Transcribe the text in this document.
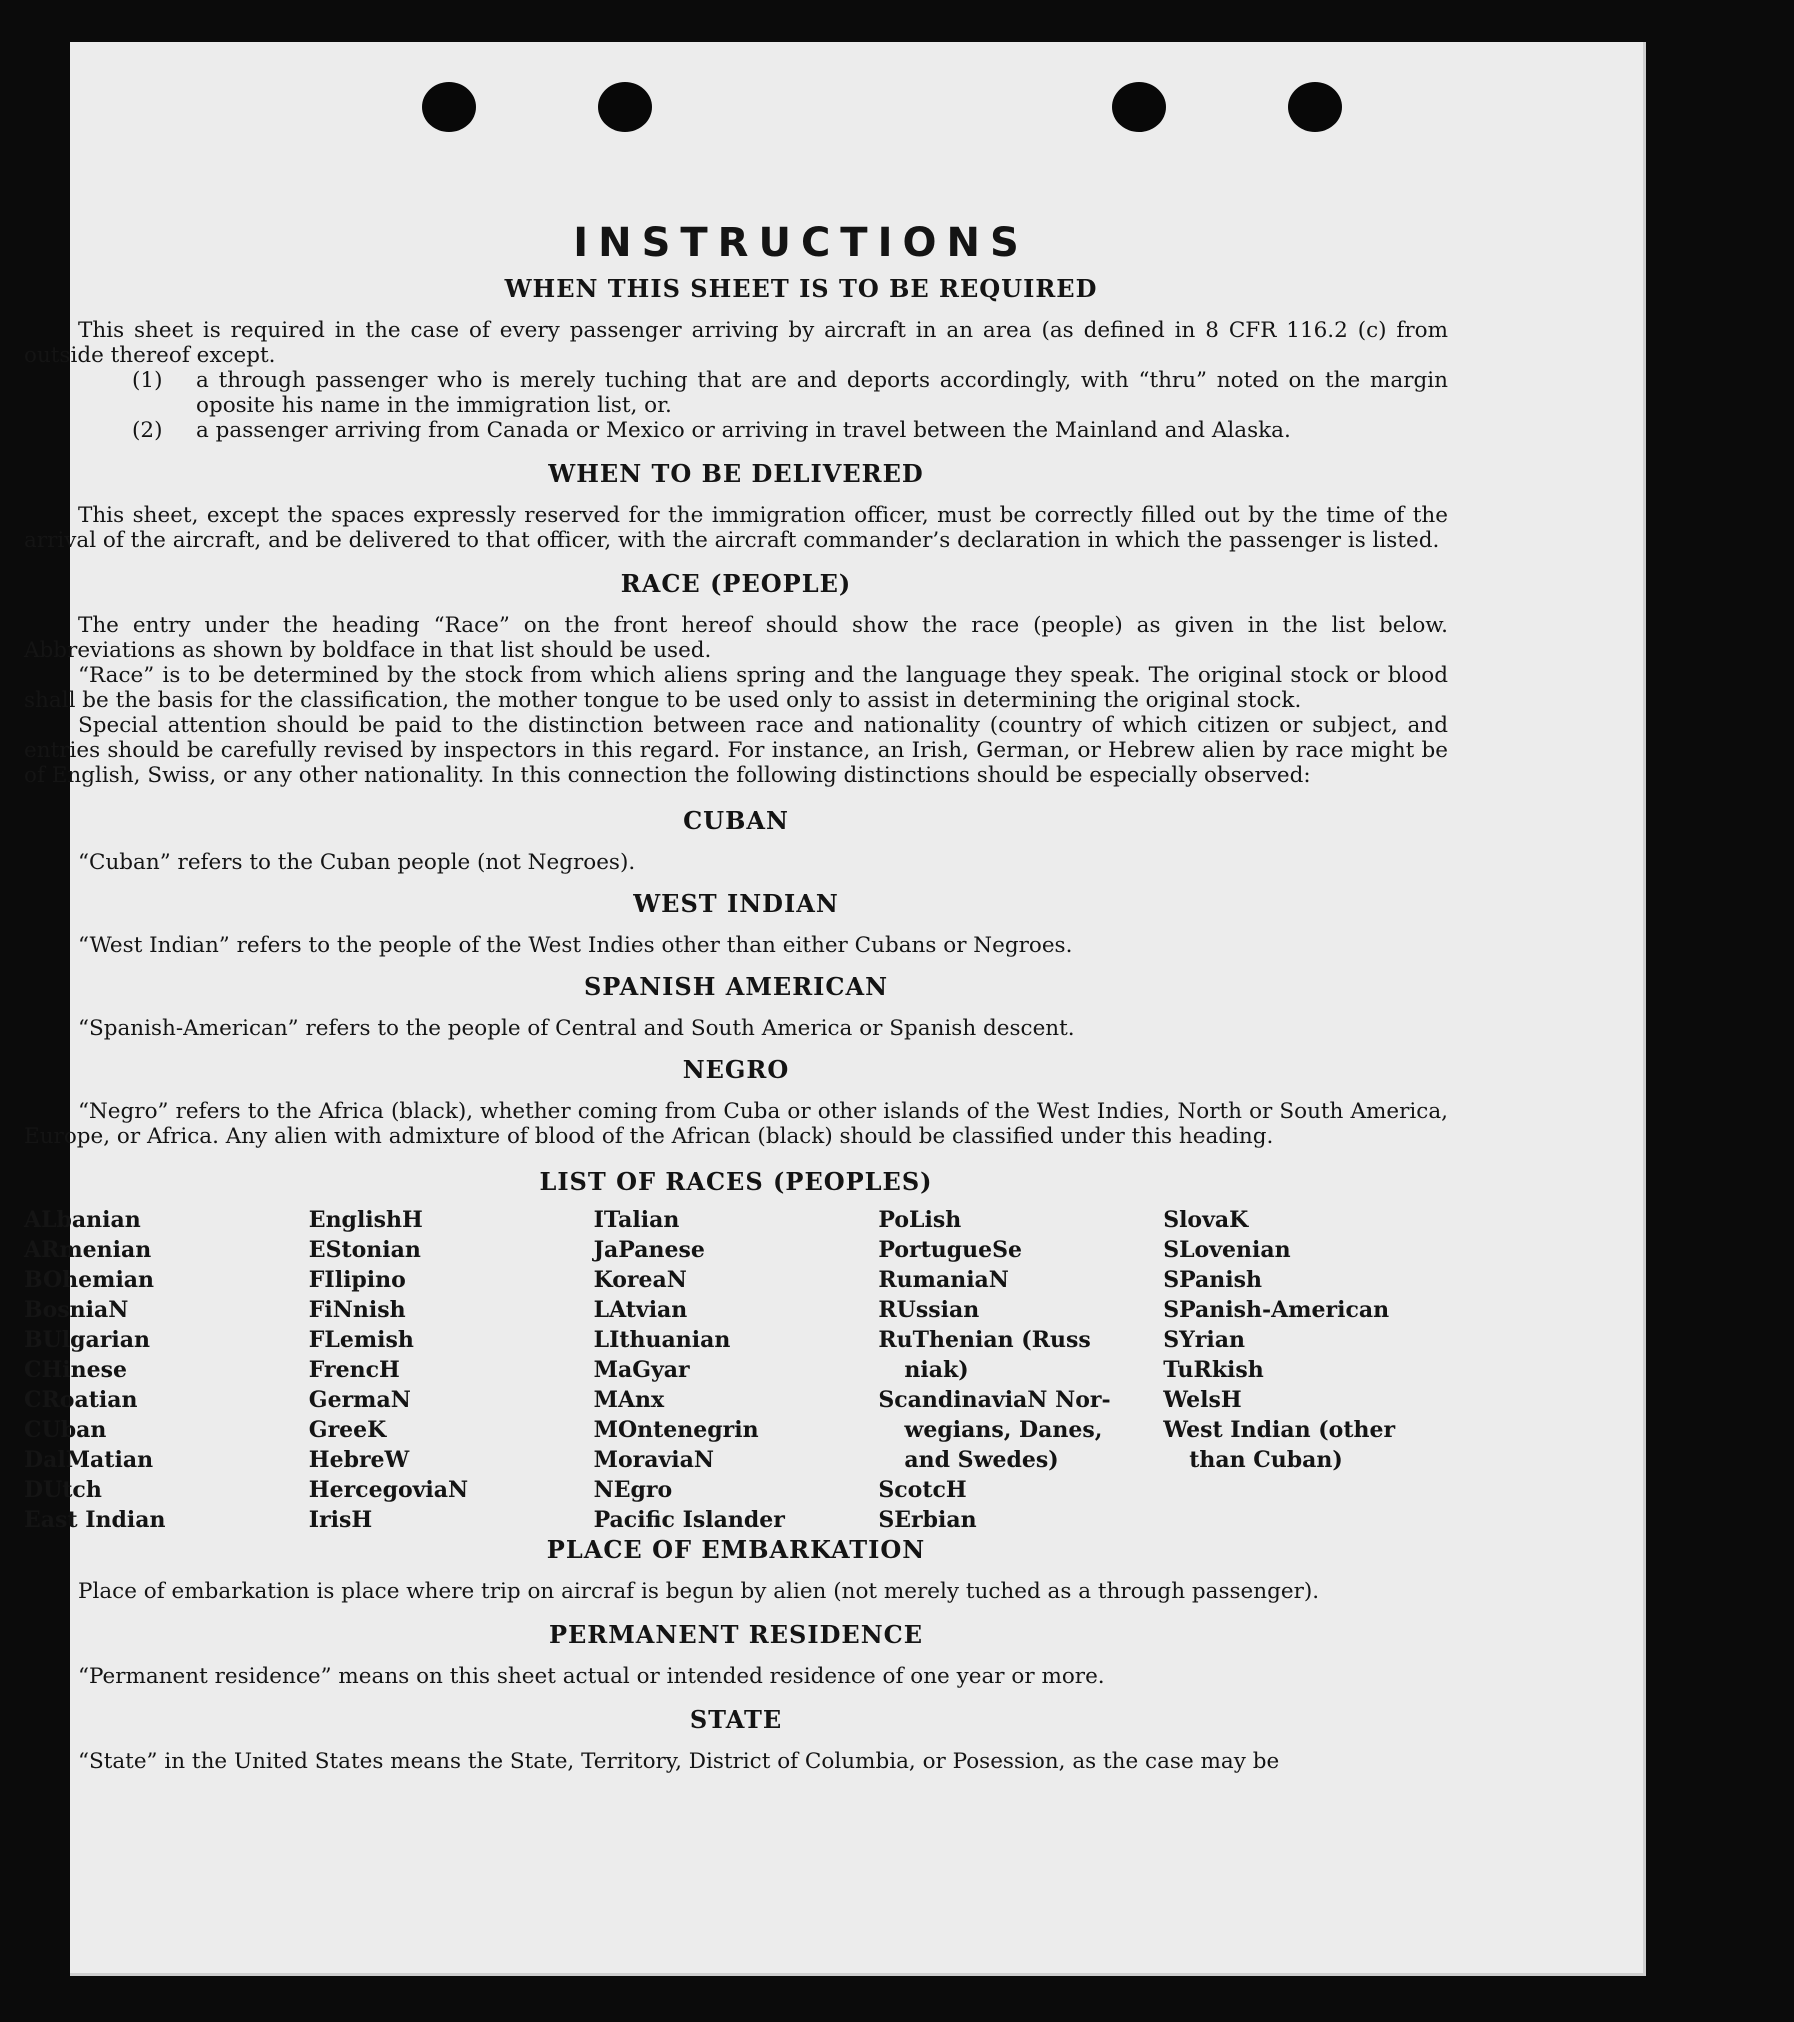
INSTRUCTIONS
WHEN THIS SHEET IS TO BE REQUIRED

This sheet is required in the case of every passenger arriving by aircraft in an area (as defined in 8 CFR 116.2 (c) from outside thereof except.

(1)	a through passenger who is merely tuching that are and deports accordingly, with “thru” noted on the margin oposite his name in the immigration list, or.
(2)	a passenger arriving from Canada or Mexico or arriving in travel between the Mainland and Alaska.
WHEN TO BE DELIVERED

This sheet, except the spaces expressly reserved for the immigration officer, must be correctly filled out by the time of the arrival of the aircraft, and be delivered to that officer, with the aircraft commander’s declaration in which the passenger is listed.

RACE (PEOPLE)

The entry under the heading “Race” on the front hereof should show the race (people) as given in the list below. Abbreviations as shown by boldface in that list should be used.

“Race” is to be determined by the stock from which aliens spring and the language they speak. The original stock or blood shall be the basis for the classification, the mother tongue to be used only to assist in determining the original stock.

Special attention should be paid to the distinction between race and nationality (country of which citizen or subject, and entries should be carefully revised by inspectors in this regard. For instance, an Irish, German, or Hebrew alien by race might be of English, Swiss, or any other nationality. In this connection the following distinctions should be especially observed:

CUBAN

“Cuban” refers to the Cuban people (not Negroes).

WEST INDIAN

“West Indian” refers to the people of the West Indies other than either Cubans or Negroes.

SPANISH AMERICAN

“Spanish-American” refers to the people of Central and South America or Spanish descent.

NEGRO

“Negro” refers to the Africa (black), whether coming from Cuba or other islands of the West Indies, North or South America, Europe, or Africa. Any alien with admixture of blood of the African (black) should be classified under this heading.

LIST OF RACES (PEOPLES)
ALbanian
ARmenian
BOhemian
BosniaN
BUlgarian
CHinese
CRoatian
CUban
DalMatian
DUtch
East Indian
EnglishH
EStonian
FIlipino
FiNnish
FLemish
FrencH
GermaN
GreeK
HebreW
HercegoviaN
IrisH
ITalian
JaPanese
KoreaN
LAtvian
LIthuanian
MaGyar
MAnx
MOntenegrin
MoraviaN
NEgro
Pacific Islander
PoLish
PortugueSe
RumaniaN
RUssian
RuThenian (Russ
niak)
ScandinaviaN Nor-
wegians, Danes,
and Swedes)
ScotcH
SErbian
SlovaK
SLovenian
SPanish
SPanish-American
SYrian
TuRkish
WelsH
West Indian (other
than Cuban)
PLACE OF EMBARKATION

Place of embarkation is place where trip on aircraf is begun by alien (not merely tuched as a through passenger).

PERMANENT RESIDENCE

“Permanent residence” means on this sheet actual or intended residence of one year or more.

STATE

“State” in the United States means the State, Territory, District of Columbia, or Posession, as the case may be
